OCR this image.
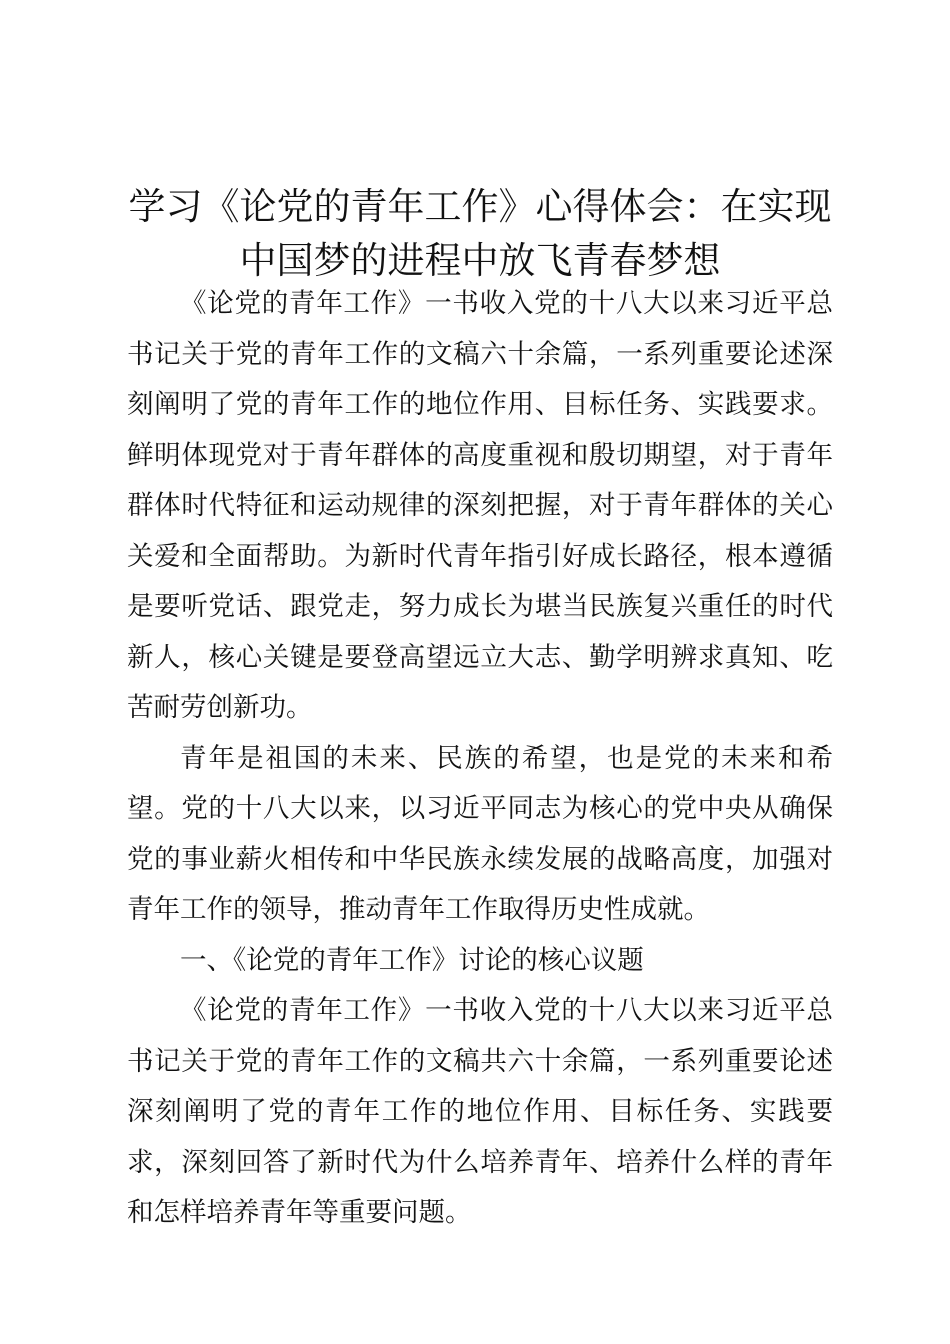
学习《论党的青年工作》心得体会：在实现中国梦的进程中放飞青春梦想

《论党的青年工作》一书收入党的十八大以来习近平总书记关于党的青年工作的文稿六十余篇，一系列重要论述深刻阐明了党的青年工作的地位作用、目标任务、实践要求。鲜明体现党对于青年群体的高度重视和殷切期望，对于青年群体时代特征和运动规律的深刻把握，对于青年群体的关心关爱和全面帮助。为新时代青年指引好成长路径，根本遵循是要听党话、跟党走，努力成长为堪当民族复兴重任的时代新人，核心关键是要登高望远立大志、勤学明辨求真知、吃苦耐劳创新功。

青年是祖国的未来、民族的希望，也是党的未来和希望。党的十八大以来，以习近平同志为核心的党中央从确保党的事业薪火相传和中华民族永续发展的战略高度，加强对青年工作的领导，推动青年工作取得历史性成就。

一、《论党的青年工作》讨论的核心议题

《论党的青年工作》一书收入党的十八大以来习近平总书记关于党的青年工作的文稿共六十余篇，一系列重要论述深刻阐明了党的青年工作的地位作用、目标任务、实践要求，深刻回答了新时代为什么培养青年、培养什么样的青年和怎样培养青年等重要问题。
